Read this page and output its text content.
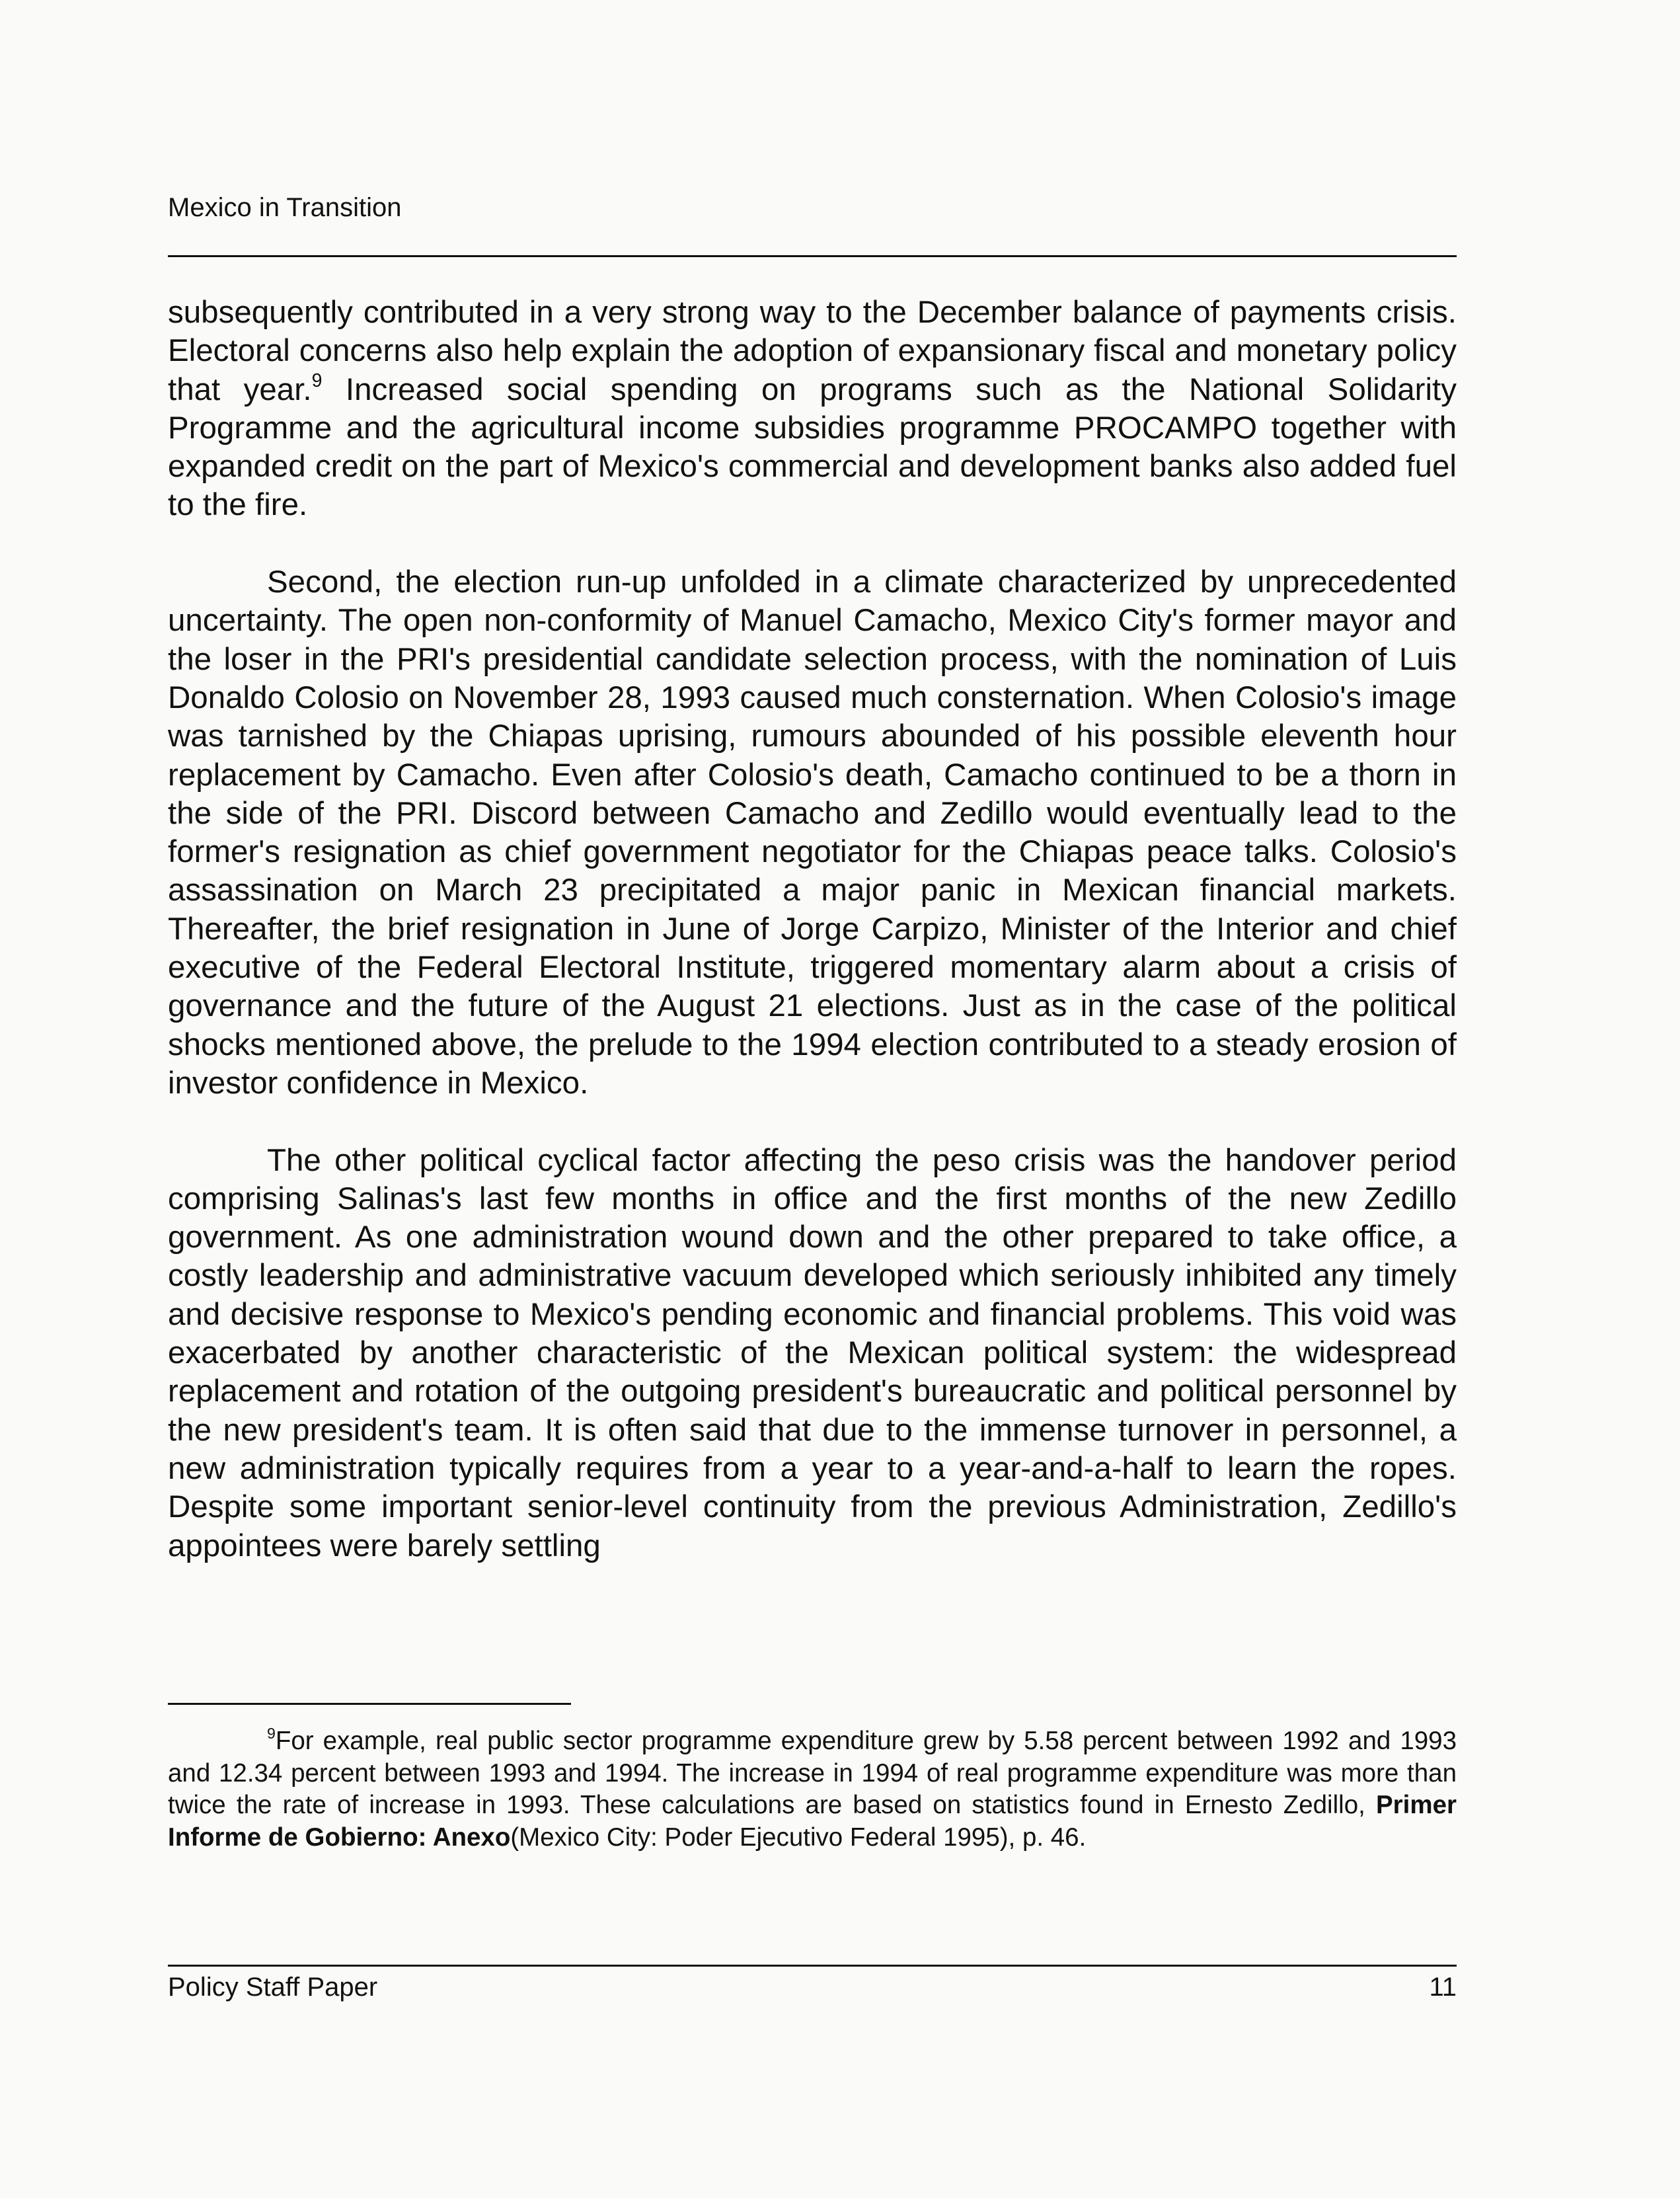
Mexico in Transition

subsequently contributed in a very strong way to the December balance of payments crisis. Electoral concerns also help explain the adoption of expansionary fiscal and monetary policy that year.$^9$ Increased social spending on programs such as the National Solidarity Programme and the agricultural income subsidies programme PROCAMPO together with expanded credit on the part of Mexico's commercial and development banks also added fuel to the fire.

Second, the election run-up unfolded in a climate characterized by unprecedented uncertainty. The open non-conformity of Manuel Camacho, Mexico City's former mayor and the loser in the PRI's presidential candidate selection process, with the nomination of Luis Donaldo Colosio on November 28, 1993 caused much consternation. When Colosio's image was tarnished by the Chiapas uprising, rumours abounded of his possible eleventh hour replacement by Camacho. Even after Colosio's death, Camacho continued to be a thorn in the side of the PRI. Discord between Camacho and Zedillo would eventually lead to the former's resignation as chief government negotiator for the Chiapas peace talks. Colosio's assassination on March 23 precipitated a major panic in Mexican financial markets. Thereafter, the brief resignation in June of Jorge Carpizo, Minister of the Interior and chief executive of the Federal Electoral Institute, triggered momentary alarm about a crisis of governance and the future of the August 21 elections. Just as in the case of the political shocks mentioned above, the prelude to the 1994 election contributed to a steady erosion of investor confidence in Mexico.

The other political cyclical factor affecting the peso crisis was the handover period comprising Salinas's last few months in office and the first months of the new Zedillo government. As one administration wound down and the other prepared to take office, a costly leadership and administrative vacuum developed which seriously inhibited any timely and decisive response to Mexico's pending economic and financial problems. This void was exacerbated by another characteristic of the Mexican political system: the widespread replacement and rotation of the outgoing president's bureaucratic and political personnel by the new president's team. It is often said that due to the immense turnover in personnel, a new administration typically requires from a year to a year-and-a-half to learn the ropes. Despite some important senior-level continuity from the previous Administration, Zedillo's appointees were barely settling

$^9$For example, real public sector programme expenditure grew by 5.58 percent between 1992 and 1993 and 12.34 percent between 1993 and 1994. The increase in 1994 of real programme expenditure was more than twice the rate of increase in 1993. These calculations are based on statistics found in Ernesto Zedillo, Primer Informe de Gobierno: Anexo(Mexico City: Poder Ejecutivo Federal 1995), p. 46.
Policy Staff Paper	11
